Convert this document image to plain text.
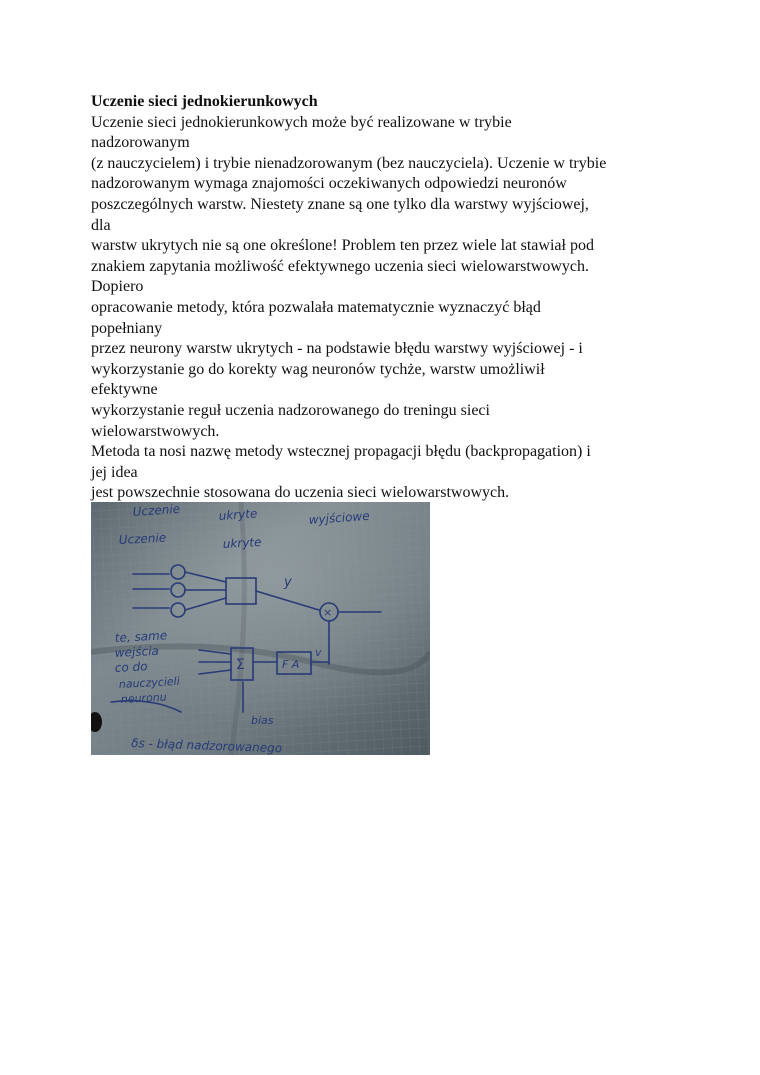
Uczenie sieci jednokierunkowych

Uczenie sieci jednokierunkowych może być realizowane w trybie

nadzorowanym

(z nauczycielem) i trybie nienadzorowanym (bez nauczyciela). Uczenie w trybie

nadzorowanym wymaga znajomości oczekiwanych odpowiedzi neuronów

poszczególnych warstw. Niestety znane są one tylko dla warstwy wyjściowej,

dla

warstw ukrytych nie są one określone! Problem ten przez wiele lat stawiał pod

znakiem zapytania możliwość efektywnego uczenia sieci wielowarstwowych.

Dopiero

opracowanie metody, która pozwalała matematycznie wyznaczyć błąd

popełniany

przez neurony warstw ukrytych - na podstawie błędu warstwy wyjściowej - i

wykorzystanie go do korekty wag neuronów tychże, warstw umożliwił

efektywne

wykorzystanie reguł uczenia nadzorowanego do treningu sieci

wielowarstwowych.

Metoda ta nosi nazwę metody wstecznej propagacji błędu (backpropagation) i

jej idea

jest powszechnie stosowana do uczenia sieci wielowarstwowych.

Uczenie	ukryte	wyjściowe
Uczenie	ukryte
y
×
te, same
wejścia
co do
nauczycieli
neuronu
Σ	F A
v
bias
δs - błąd nadzorowanego
